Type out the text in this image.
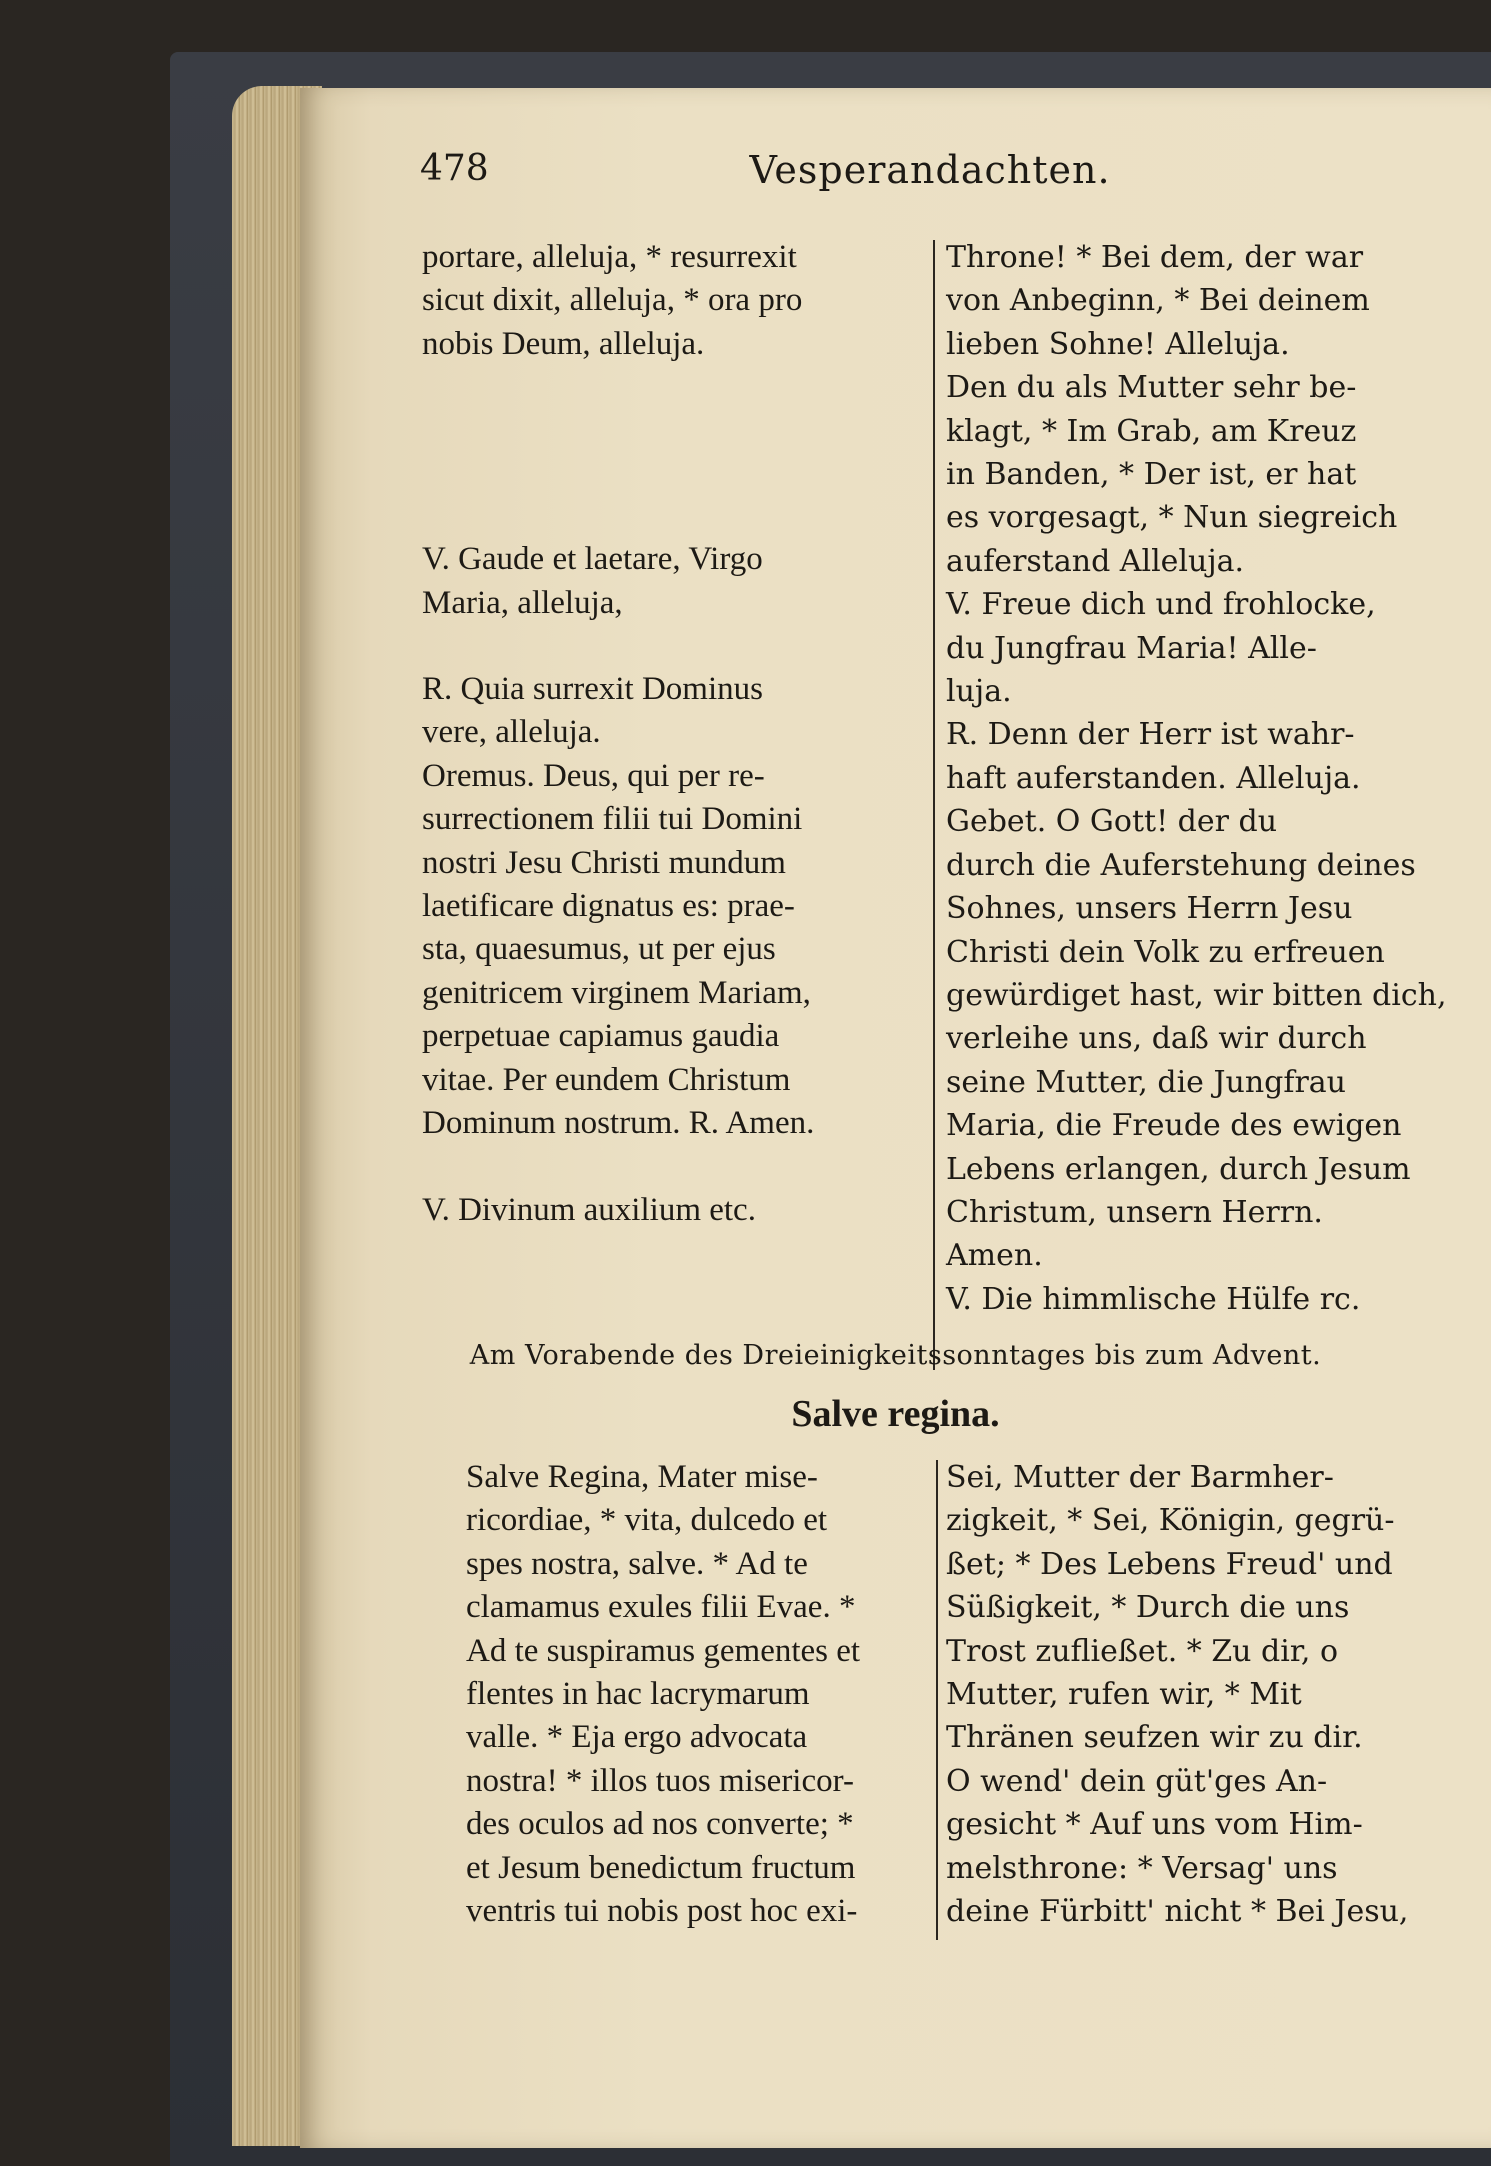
478	Vesperandachten.
portare, alleluja, * resurrexit
sicut dixit, alleluja, * ora pro
nobis Deum, alleluja.
V. Gaude et laetare, Virgo
Maria, alleluja,
R. Quia surrexit Dominus
vere, alleluja.
Oremus. Deus, qui per re-
surrectionem filii tui Domini
nostri Jesu Christi mundum
laetificare dignatus es: prae-
sta, quaesumus, ut per ejus
genitricem virginem Mariam,
perpetuae capiamus gaudia
vitae. Per eundem Christum
Dominum nostrum. R. Amen.
V. Divinum auxilium etc.
Throne! * Bei dem, der war
von Anbeginn, * Bei deinem
lieben Sohne! Alleluja.
Den du als Mutter sehr be-
klagt, * Im Grab, am Kreuz
in Banden, * Der ist, er hat
es vorgesagt, * Nun siegreich
auferstand Alleluja.
V. Freue dich und frohlocke,
du Jungfrau Maria! Alle-
luja.
R. Denn der Herr ist wahr-
haft auferstanden. Alleluja.
Gebet. O Gott! der du
durch die Auferstehung deines
Sohnes, unsers Herrn Jesu
Christi dein Volk zu erfreuen
gewürdiget hast, wir bitten dich,
verleihe uns, daß wir durch
seine Mutter, die Jungfrau
Maria, die Freude des ewigen
Lebens erlangen, durch Jesum
Christum, unsern Herrn.
Amen.
V. Die himmlische Hülfe rc.
Am Vorabende des Dreieinigkeitssonntages bis zum Advent.
Salve regina.
Salve Regina, Mater mise-
ricordiae, * vita, dulcedo et
spes nostra, salve. * Ad te
clamamus exules filii Evae. *
Ad te suspiramus gementes et
flentes in hac lacrymarum
valle. * Eja ergo advocata
nostra! * illos tuos misericor-
des oculos ad nos converte; *
et Jesum benedictum fructum
ventris tui nobis post hoc exi-
Sei, Mutter der Barmher-
zigkeit, * Sei, Königin, gegrü-
ßet; * Des Lebens Freud' und
Süßigkeit, * Durch die uns
Trost zufließet. * Zu dir, o
Mutter, rufen wir, * Mit
Thränen seufzen wir zu dir.
O wend' dein güt'ges An-
gesicht * Auf uns vom Him-
melsthrone: * Versag' uns
deine Fürbitt' nicht * Bei Jesu,
